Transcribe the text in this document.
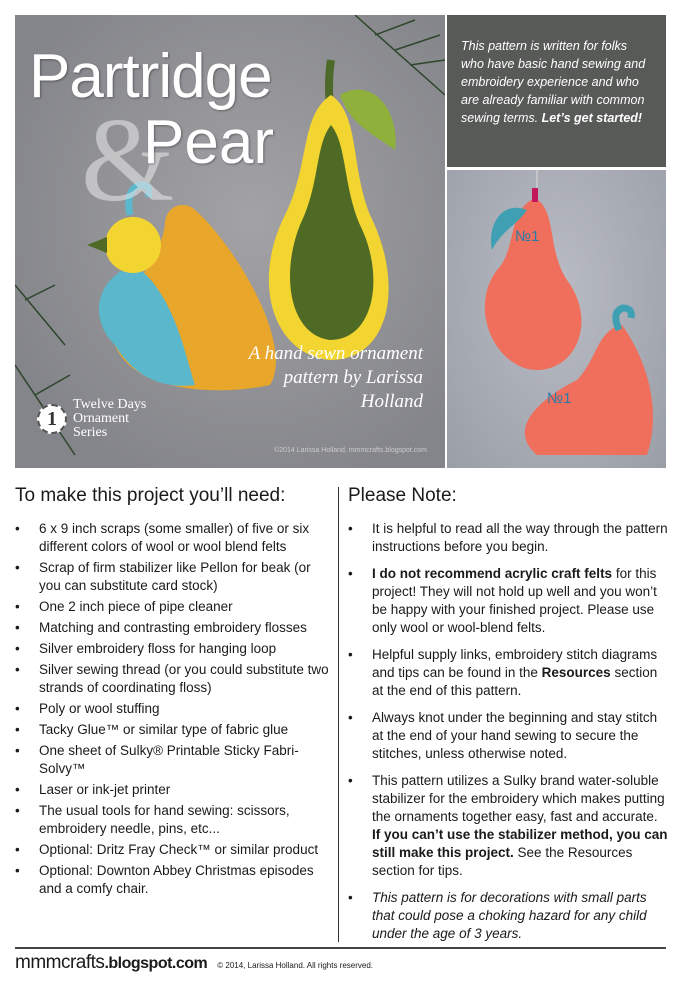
Partridge
&
Pear
A hand sewn ornament pattern by Larissa Holland
1
Twelve Days Ornament Series
©2014 Larissa Holland, mmmcrafts.blogspot.com
This pattern is written for folks who have basic hand sewing and embroidery experience and who are already familiar with common sewing terms. Let’s get started!
№1
№1
To make this project you’ll need:
• 6 x 9 inch scraps (some smaller) of five or six different colors of wool or wool blend felts
• Scrap of firm stabilizer like Pellon for beak (or you can substitute card stock)
• One 2 inch piece of pipe cleaner
• Matching and contrasting embroidery flosses
• Silver embroidery floss for hanging loop
• Silver sewing thread (or you could substitute two strands of coordinating floss)
• Poly or wool stuffing
• Tacky Glue™ or similar type of fabric glue
• One sheet of Sulky® Printable Sticky Fabri-Solvy™
• Laser or ink-jet printer
• The usual tools for hand sewing: scissors, embroidery needle, pins, etc...
• Optional: Dritz Fray Check™ or similar product
• Optional: Downton Abbey Christmas episodes and a comfy chair.
Please Note:
• It is helpful to read all the way through the pattern instructions before you begin.
• I do not recommend acrylic craft felts for this project! They will not hold up well and you won’t be happy with your finished project. Please use only wool or wool-blend felts.
• Helpful supply links, embroidery stitch diagrams and tips can be found in the Resources section at the end of this pattern.
• Always knot under the beginning and stay stitch at the end of your hand sewing to secure the stitches, unless otherwise noted.
• This pattern utilizes a Sulky brand water-soluble stabilizer for the embroidery which makes putting the ornaments together easy, fast and accurate. If you can’t use the stabilizer method, you can still make this project. See the Resources section for tips.
• This pattern is for decorations with small parts that could pose a choking hazard for any child under the age of 3 years.
mmmcrafts.blogspot.com © 2014, Larissa Holland. All rights reserved.
